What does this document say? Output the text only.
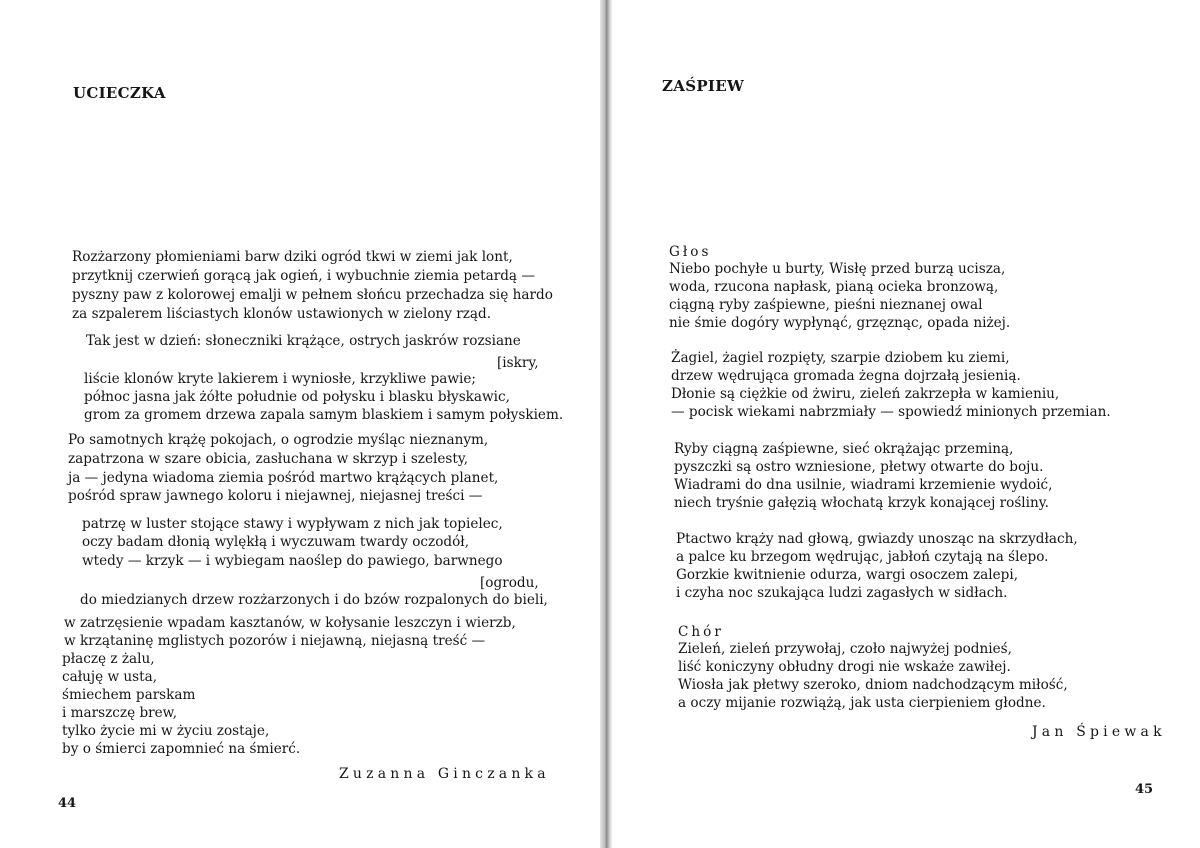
UCIECZKA
Rozżarzony płomieniami barw dziki ogród tkwi w ziemi jak lont,
przytknij czerwień gorącą jak ogień, i wybuchnie ziemia petardą —
pyszny paw z kolorowej emalji w pełnem słońcu przechadza się hardo
za szpalerem liściastych klonów ustawionych w zielony rząd.
Tak jest w dzień: słoneczniki krążące, ostrych jaskrów rozsiane
[iskry,
liście klonów kryte lakierem i wyniosłe, krzykliwe pawie;
północ jasna jak żółte południe od połysku i blasku błyskawic,
grom za gromem drzewa zapala samym blaskiem i samym połyskiem.
Po samotnych krążę pokojach, o ogrodzie myśląc nieznanym,
zapatrzona w szare obicia, zasłuchana w skrzyp i szelesty,
ja — jedyna wiadoma ziemia pośród martwo krążących planet,
pośród spraw jawnego koloru i niejawnej, niejasnej treści —
patrzę w luster stojące stawy i wypływam z nich jak topielec,
oczy badam dłonią wylękłą i wyczuwam twardy oczodół,
wtedy — krzyk — i wybiegam naoślep do pawiego, barwnego
[ogrodu,
do miedzianych drzew rozżarzonych i do bzów rozpalonych do bieli,
w zatrzęsienie wpadam kasztanów, w kołysanie leszczyn i wierzb,
w krzątaninę mglistych pozorów i niejawną, niejasną treść —
płaczę z żalu,
całuję w usta,
śmiechem parskam
i marszczę brew,
tylko życie mi w życiu zostaje,
by o śmierci zapomnieć na śmierć.
Zuzanna Ginczanka
44
ZAŚPIEW
Głos
Niebo pochyłe u burty, Wisłę przed burzą ucisza,
woda, rzucona napłask, pianą ocieka bronzową,
ciągną ryby zaśpiewne, pieśni nieznanej owal
nie śmie dogóry wypłynąć, grzęznąc, opada niżej.
Żagiel, żagiel rozpięty, szarpie dziobem ku ziemi,
drzew wędrująca gromada żegna dojrzałą jesienią.
Dłonie są ciężkie od żwiru, zieleń zakrzepła w kamieniu,
— pocisk wiekami nabrzmiały — spowiedź minionych przemian.
Ryby ciągną zaśpiewne, sieć okrążając przeminą,
pyszczki są ostro wzniesione, płetwy otwarte do boju.
Wiadrami do dna usilnie, wiadrami krzemienie wydoić,
niech tryśnie gałęzią włochatą krzyk konającej rośliny.
Ptactwo krąży nad głową, gwiazdy unosząc na skrzydłach,
a palce ku brzegom wędrując, jabłoń czytają na ślepo.
Gorzkie kwitnienie odurza, wargi osoczem zalepi,
i czyha noc szukająca ludzi zagasłych w sidłach.
Chór
Zieleń, zieleń przywołaj, czoło najwyżej podnieś,
liść koniczyny obłudny drogi nie wskaże zawiłej.
Wiosła jak płetwy szeroko, dniom nadchodzącym miłość,
a oczy mijanie rozwiążą, jak usta cierpieniem głodne.
Jan Śpiewak
45
